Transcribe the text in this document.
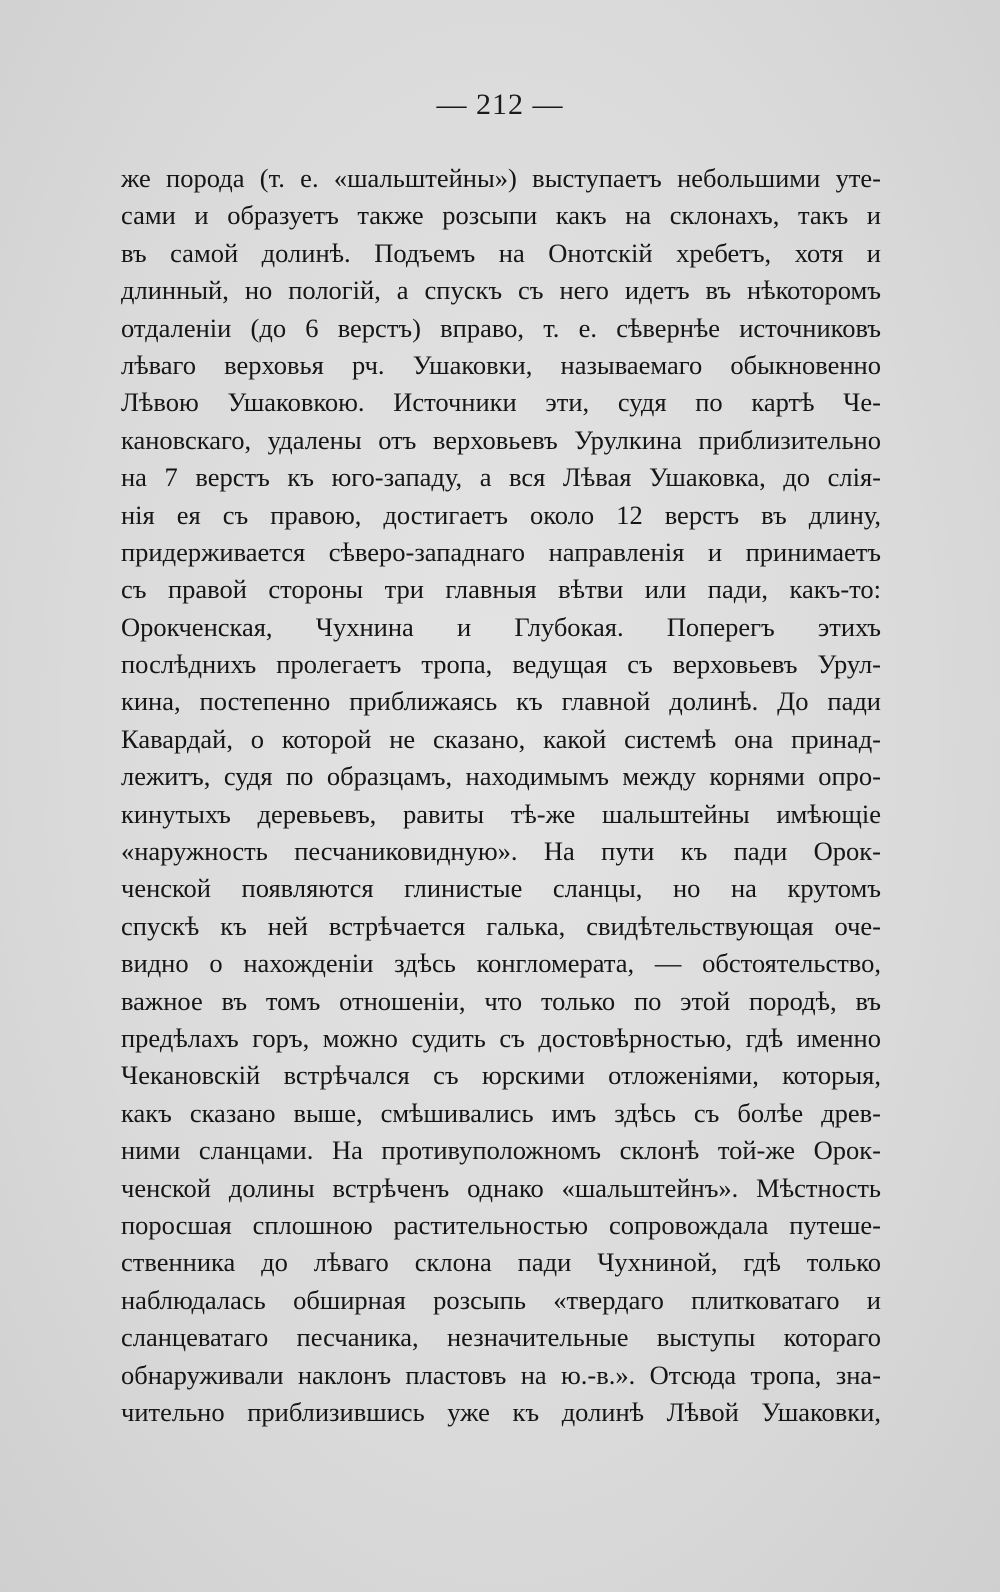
— 212 —
же порода (т. е. «шальштейны») выступаетъ небольшими уте-
сами и образуетъ также розсыпи какъ на склонахъ, такъ и
въ самой долинѣ. Подъемъ на Онотскій хребетъ, хотя и
длинный, но пологій, а спускъ съ него идетъ въ нѣкоторомъ
отдаленіи (до 6 верстъ) вправо, т. е. сѣвернѣе источниковъ
лѣваго верховья рч. Ушаковки, называемаго обыкновенно
Лѣвою Ушаковкою. Источники эти, судя по картѣ Че-
кановскаго, удалены отъ верховьевъ Урулкина приблизительно
на 7 верстъ къ юго-западу, а вся Лѣвая Ушаковка, до слія-
нія ея съ правою, достигаетъ около 12 верстъ въ длину,
придерживается сѣверо-западнаго направленія и принимаетъ
съ правой стороны три главныя вѣтви или пади, какъ-то:
Орокченская, Чухнина и Глубокая. Поперегъ этихъ
послѣднихъ пролегаетъ тропа, ведущая съ верховьевъ Урул-
кина, постепенно приближаясь къ главной долинѣ. До пади
Кавардай, о которой не сказано, какой системѣ она принад-
лежитъ, судя по образцамъ, находимымъ между корнями опро-
кинутыхъ деревьевъ, равиты тѣ-же шальштейны имѣющіе
«наружность песчаниковидную». На пути къ пади Орок-
ченской появляются глинистые сланцы, но на крутомъ
спускѣ къ ней встрѣчается галька, свидѣтельствующая оче-
видно о нахожденіи здѣсь конгломерата, — обстоятельство,
важное въ томъ отношеніи, что только по этой породѣ, въ
предѣлахъ горъ, можно судить съ достовѣрностью, гдѣ именно
Чекановскій встрѣчался съ юрскими отложеніями, которыя,
какъ сказано выше, смѣшивались имъ здѣсь съ болѣе древ-
ними сланцами. На противуположномъ склонѣ той-же Орок-
ченской долины встрѣченъ однако «шальштейнъ». Мѣстность
поросшая сплошною растительностью сопровождала путеше-
ственника до лѣваго склона пади Чухниной, гдѣ только
наблюдалась обширная розсыпь «твердаго плитковатаго и
сланцеватаго песчаника, незначительные выступы котораго
обнаруживали наклонъ пластовъ на ю.-в.». Отсюда тропа, зна-
чительно приблизившись уже къ долинѣ Лѣвой Ушаковки,
